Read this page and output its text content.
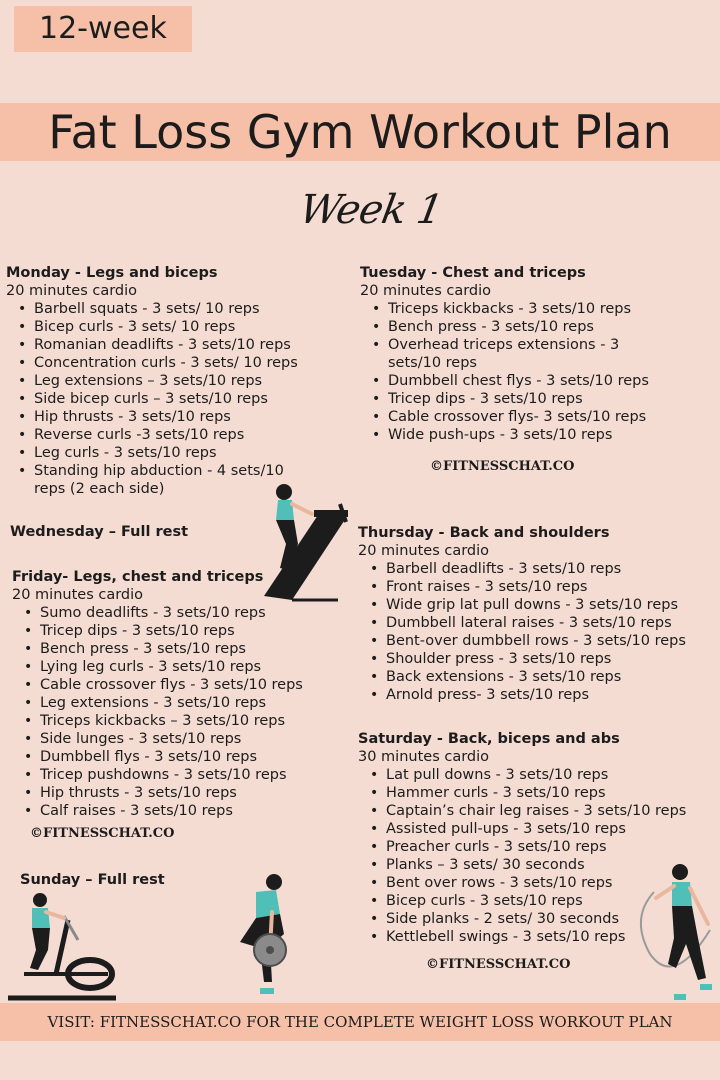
12-week
Fat Loss Gym Workout Plan
Week 1
Monday - Legs and biceps
20 minutes cardio
• Barbell squats - 3 sets/ 10 reps
• Bicep curls - 3 sets/ 10 reps
• Romanian deadlifts - 3 sets/10 reps
• Concentration curls - 3 sets/ 10 reps
• Leg extensions – 3 sets/10 reps
• Side bicep curls – 3 sets/10 reps
• Hip thrusts - 3 sets/10 reps
• Reverse curls -3 sets/10 reps
• Leg curls - 3 sets/10 reps
• Standing hip abduction - 4 sets/10
reps (2 each side)
Tuesday - Chest and triceps
20 minutes cardio
• Triceps kickbacks - 3 sets/10 reps
• Bench press - 3 sets/10 reps
• Overhead triceps extensions - 3
sets/10 reps
• Dumbbell chest flys - 3 sets/10 reps
• Tricep dips - 3 sets/10 reps
• Cable crossover flys- 3 sets/10 reps
• Wide push-ups - 3 sets/10 reps
©FITNESSCHAT.CO
Wednesday – Full rest	Thursday - Back and shoulders
20 minutes cardio
• Barbell deadlifts - 3 sets/10 reps
• Front raises - 3 sets/10 reps
• Wide grip lat pull downs - 3 sets/10 reps
• Dumbbell lateral raises - 3 sets/10 reps
• Bent-over dumbbell rows - 3 sets/10 reps
• Shoulder press - 3 sets/10 reps
• Back extensions - 3 sets/10 reps
• Arnold press- 3 sets/10 reps
Friday- Legs, chest and triceps
20 minutes cardio
• Sumo deadlifts - 3 sets/10 reps
• Tricep dips - 3 sets/10 reps
• Bench press - 3 sets/10 reps
• Lying leg curls - 3 sets/10 reps
• Cable crossover flys - 3 sets/10 reps
• Leg extensions - 3 sets/10 reps
• Triceps kickbacks – 3 sets/10 reps
• Side lunges - 3 sets/10 reps
• Dumbbell flys - 3 sets/10 reps
• Tricep pushdowns - 3 sets/10 reps
• Hip thrusts - 3 sets/10 reps
• Calf raises - 3 sets/10 reps
©FITNESSCHAT.CO
Saturday - Back, biceps and abs
30 minutes cardio
• Lat pull downs - 3 sets/10 reps
• Hammer curls - 3 sets/10 reps
• Captain’s chair leg raises - 3 sets/10 reps
• Assisted pull-ups - 3 sets/10 reps
• Preacher curls - 3 sets/10 reps
• Planks – 3 sets/ 30 seconds
• Bent over rows - 3 sets/10 reps
• Bicep curls - 3 sets/10 reps
• Side planks - 2 sets/ 30 seconds
• Kettlebell swings - 3 sets/10 reps
©FITNESSCHAT.CO
Sunday – Full rest
VISIT: FITNESSCHAT.CO FOR THE COMPLETE WEIGHT LOSS WORKOUT PLAN
